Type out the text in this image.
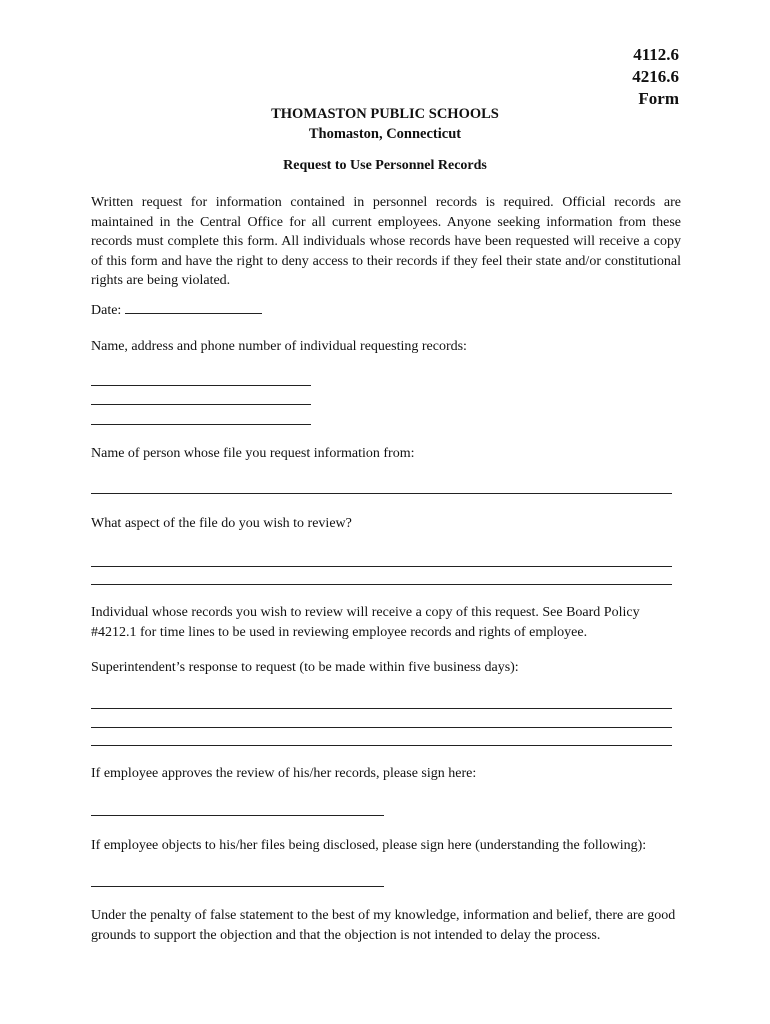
4112.6
4216.6
Form
THOMASTON PUBLIC SCHOOLS
Thomaston, Connecticut
Request to Use Personnel Records
Written request for information contained in personnel records is required. Official records are maintained in the Central Office for all current employees. Anyone seeking information from these records must complete this form. All individuals whose records have been requested will receive a copy of this form and have the right to deny access to their records if they feel their state and/or constitutional rights are being violated.
Date:
Name, address and phone number of individual requesting records:
Name of person whose file you request information from:
What aspect of the file do you wish to review?
Individual whose records you wish to review will receive a copy of this request. See Board Policy #4212.1 for time lines to be used in reviewing employee records and rights of employee.
Superintendent’s response to request (to be made within five business days):
If employee approves the review of his/her records, please sign here:
If employee objects to his/her files being disclosed, please sign here (understanding the following):
Under the penalty of false statement to the best of my knowledge, information and belief, there are good grounds to support the objection and that the objection is not intended to delay the process.
